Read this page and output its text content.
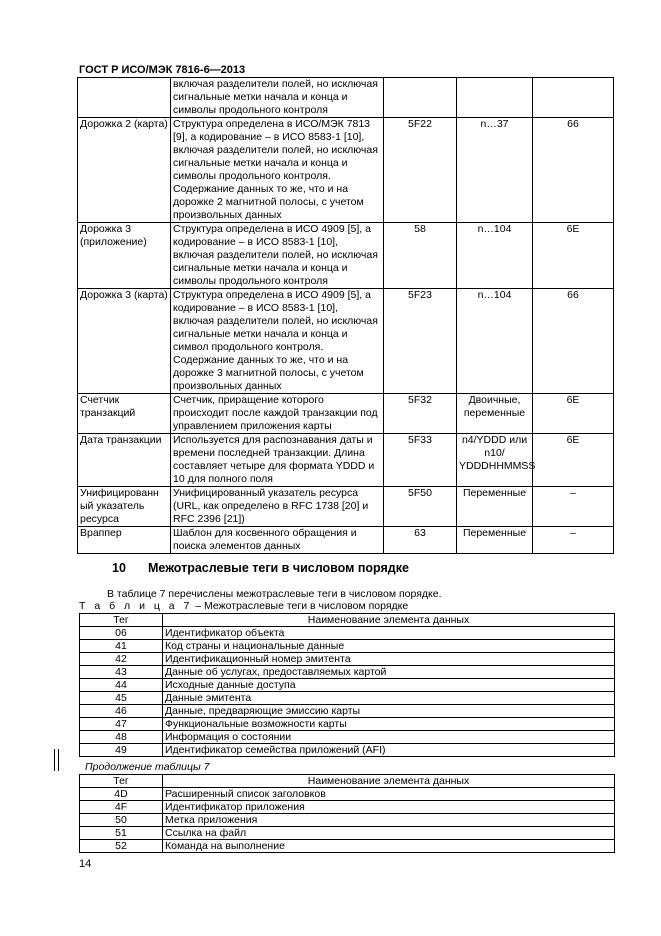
ГОСТ Р ИСО/МЭК 7816-6—2013
	включая разделители полей, но исключая сигнальные метки начала и конца и символы продольного контроля			
Дорожка 2 (карта)	Структура определена в ИСО/МЭК 7813 [9], а кодирование – в ИСО 8583-1 [10], включая разделители полей, но исключая сигнальные метки начала и конца и символы продольного контроля. Содержание данных то же, что и на дорожке 2 магнитной полосы, с учетом произвольных данных	5F22	n…37	66
Дорожка 3 (приложение)	Структура определена в ИСО 4909 [5], а кодирование – в ИСО 8583-1 [10], включая разделители полей, но исключая сигнальные метки начала и конца и символы продольного контроля	58	n…104	6E
Дорожка 3 (карта)	Структура определена в ИСО 4909 [5], а кодирование – в ИСО 8583-1 [10], включая разделители полей, но исключая сигнальные метки начала и конца и символ продольного контроля. Содержание данных то же, что и на дорожке 3 магнитной полосы, с учетом произвольных данных	5F23	n…104	66
Счетчик транзакций	Счетчик, приращение которого происходит после каждой транзакции под управлением приложения карты	5F32	Двоичные, переменные	6E
Дата транзакции	Используется для распознавания даты и времени последней транзакции. Длина составляет четыре для формата YDDD и 10 для полного поля	5F33	n4/YDDD или n10/ YDDDHHMMSS	6E
Унифицированн ый указатель ресурса	Унифицированный указатель ресурса (URL, как определено в RFC 1738 [20] и RFC 2396 [21])	5F50	Переменные	–
Враппер	Шаблон для косвенного обращения и поиска элементов данных	63	Переменные	–
10 Межотраслевые теги в числовом порядке
В таблице 7 перечислены межотраслевые теги в числовом порядке.
Т а б л и ц а 7 – Межотраслевые теги в числовом порядке
Тег	Наименование элемента данных
06	Идентификатор объекта
41	Код страны и национальные данные
42	Идентификационный номер эмитента
43	Данные об услугах, предоставляемых картой
44	Исходные данные доступа
45	Данные эмитента
46	Данные, предваряющие эмиссию карты
47	Функциональные возможности карты
48	Информация о состоянии
49	Идентификатор семейства приложений (AFI)
Продолжение таблицы 7
Тег	Наименование элемента данных
4D	Расширенный список заголовков
4F	Идентификатор приложения
50	Метка приложения
51	Ссылка на файл
52	Команда на выполнение
14
